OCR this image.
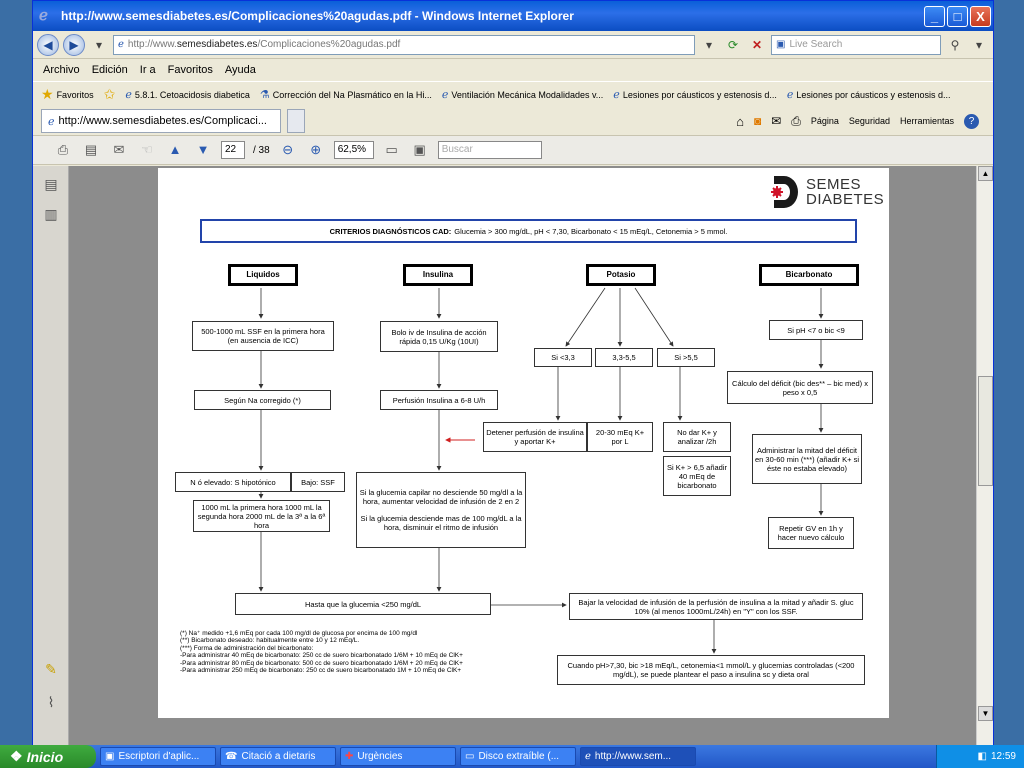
ℯ	http://www.semesdiabetes.es/Complicaciones%20agudas.pdf - Windows Internet Explorer	_	□	X
◀	▶	▾	ℯ http://www. semesdiabetes.es /Complicaciones%20agudas.pdf	▾	⟳	✕	▣ Live Search	⚲	▾
Archivo Edición Ir a Favoritos Ayuda
★ Favoritos ✩ ℯ 5.8.1. Cetoacidosis diabetica ⚗ Corrección del Na Plasmático en la Hi... ℯ Ventilación Mecánica Modalidades v... ℯ Lesiones por cáusticos y estenosis d... ℯ Lesiones por cáusticos y estenosis d...
ℯ http://www.semesdiabetes.es/Complicaci...	⌂ ◙ ✉ ⎙ Página Seguridad Herramientas	?
⎙	▤	✉	☜	▲ ▼	22	/ 38 ⊖	⊕	62,5%	▭ ▣	Buscar
▤
▥
✎
⌇
SEMES
DIABETES
CRITERIOS DIAGNÓSTICOS CAD: Glucemia > 300 mg/dL, pH < 7,30, Bicarbonato < 15 mEq/L, Cetonemia > 5 mmol.
Liquidos	Insulina	Potasio	Bicarbonato
500-1000 mL SSF en la primera hora (en ausencia de ICC)
Según Na corregido (*)
N ó elevado: S hipotónico	Bajo: SSF
1000 mL la primera hora 1000 mL la segunda hora 2000 mL de la 3ª a la 6ª hora
Bolo iv de Insulina de acción rápida 0,15 U/Kg (10UI)
Perfusión Insulina a 6-8 U/h
Si la glucemia capilar no desciende 50 mg/dl a la hora, aumentar velocidad de infusión de 2 en 2
Si la glucemia desciende mas de 100 mg/dL a la hora, disminuir el ritmo de infusión
Si <3,3	3,3-5,5	Si >5,5
Detener perfusión de insulina y aportar K+
20-30 mEq K+ por L
No dar K+ y analizar /2h
Si K+ > 6,5 añadir 40 mEq de bicarbonato
Si pH <7 o bic <9
Cálculo del déficit (bic des** – bic med) x peso x 0,5
Administrar la mitad del déficit en 30-60 min (***) (añadir K+ si éste no estaba elevado)
Repetir GV en 1h y hacer nuevo cálculo
Hasta que la glucemia <250 mg/dL	Bajar la velocidad de infusión de la perfusión de insulina a la mitad y añadir S. gluc 10% (al menos 1000mL/24h) en "Y" con los SSF.
Cuando pH>7,30, bic >18 mEq/L, cetonemia<1 mmol/L y glucemias controladas (<200 mg/dL), se puede plantear el paso a insulina sc y dieta oral
(*) Na⁺ medido +1,6 mEq por cada 100 mg/dl de glucosa por encima de 100 mg/dl
(**) Bicarbonato deseado: habitualmente entre 10 y 12 mEq/L.
(***) Forma de administración del bicarbonato:
-Para administrar 40 mEq de bicarbonato: 250 cc de suero bicarbonatado 1/6M + 10 mEq de ClK+
-Para administrar 80 mEq de bicarbonato: 500 cc de suero bicarbonatado 1/6M + 20 mEq de ClK+
-Para administrar 250 mEq de bicarbonato: 250 cc de suero bicarbonatado 1M + 10 mEq de ClK+
▲
▼
❖ Inicio	▣ Escriptori d'aplic...	☎ Citació a dietaris	✚ Urgències	▭ Disco extraíble (...	ℯ http://www.sem...	◧ 12:59
